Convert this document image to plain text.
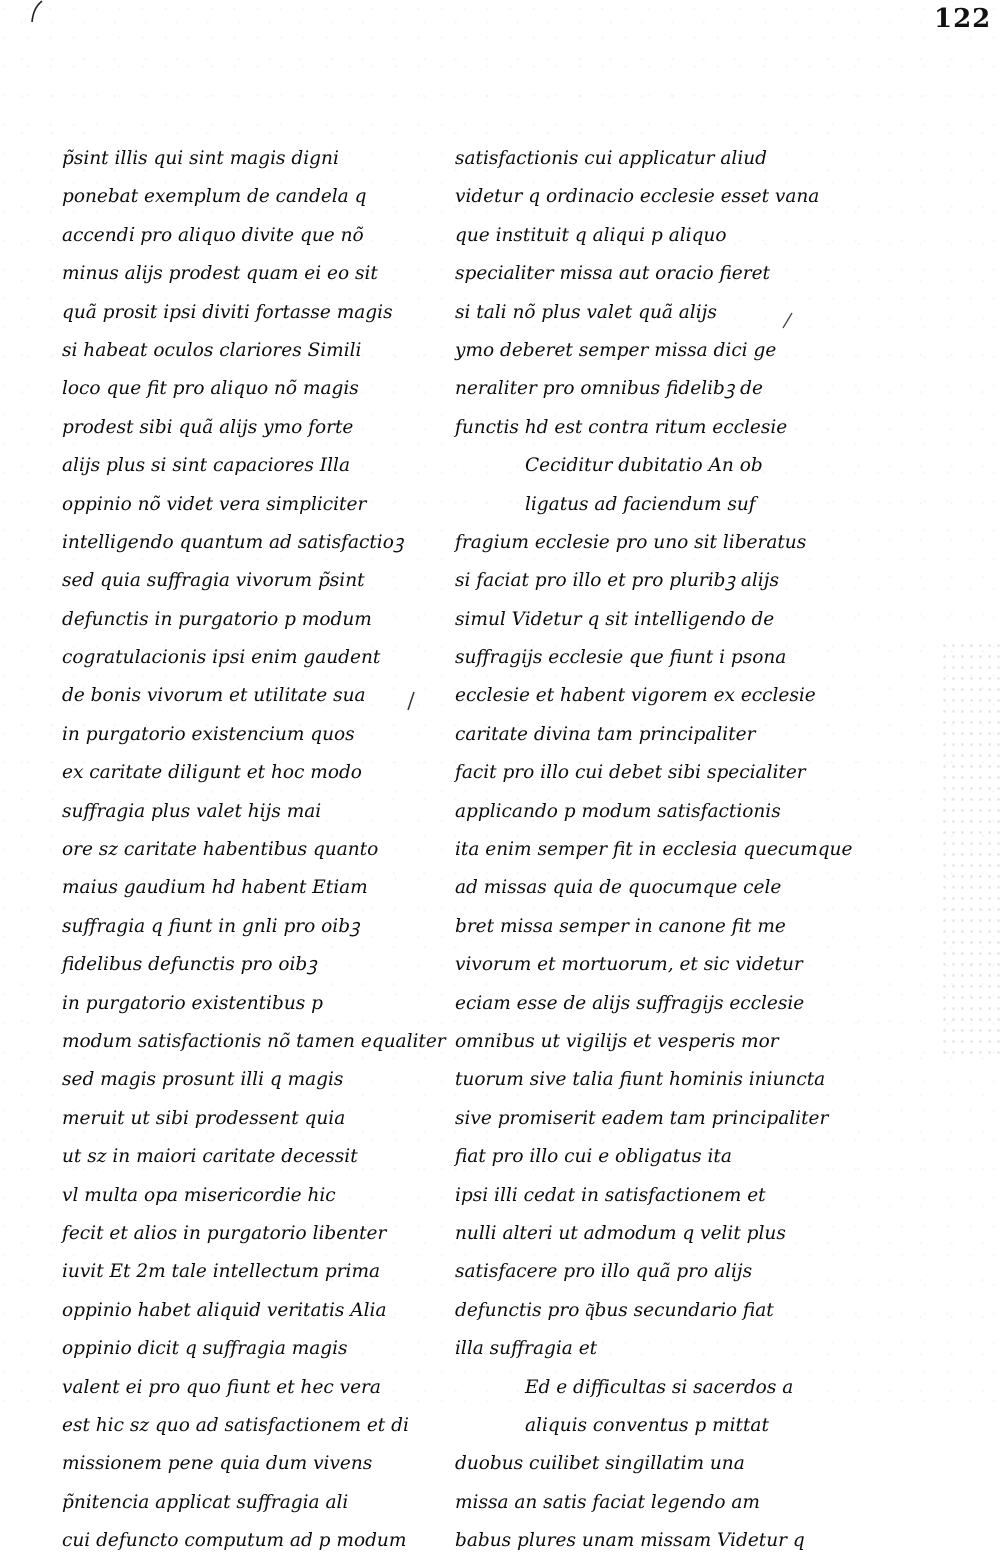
122
p̃sint illis qui sint magis digni
ponebat exemplum de candela q
accendi̇ pro aliquo divite que nõ
minus alijs prodest quam ei eo sit
quã prosit ipsi diviti fortasse magis
si habeat oculos clariores Simili
loco que fit pro aliquo nõ magis
prodest sibi quã alijs ymo forte
alijs plus si sint capaciores Illa
oppinio nõ videt vera simpliciter
intelligendo quantum ad satisfactioꝫ
sed quia suffragia vivorum p̃sint
defunctis in purgatorio p modum
cogratulacionis ipsi enim gaudent
de bonis vivorum et utilitate sua
in purgatorio existencium quos
ex caritate diligunt et hoc modo
suffragia plus valet hijs mai
ore sz caritate habentibus quanto
maius gaudium hd habent Etiam
suffragia q fiunt in gnli pro oibꝫ
fidelibus defunctis pro oibꝫ
in purgatorio existentibus p
modum satisfactionis nõ tamen equaliter
sed magis prosunt illi q magis
meruit ut sibi prodessent quia
ut sz in maiori caritate decessit
vl multa opa misericordie hic
fecit et alios in purgatorio libenter
iuvit Et 2m tale intellectum prima
oppinio habet aliquid veritatis Alia
oppinio dicit q suffragia magis
valent ei pro quo fiunt et hec vera
est hic sz quo ad satisfactionem et di
missionem pene quia dum vivens
p̃nitencia applicat suffragia ali
cui defuncto computum ad p modum
satisfactionis cui applicatur aliud
videtur q ordinacio ecclesie esset vana
que instituit q aliqui p aliquo
specialiter missa aut oracio fieret
si tali nõ plus valet quã alijs
ymo deberet semper missa dici ge
neraliter pro omnibus fidelibꝫ de
functis hd est contra ritum ecclesie
Ceciditur dubitatio An ob
ligatus ad faciendum suf
fragium ecclesie pro uno sit liberatus
si faciat pro illo et pro pluribꝫ alijs
simul Videtur q sit intelligendo de
suffragijs ecclesie que fiunt i psona
ecclesie et habent vigorem ex ecclesie
caritate divina tam principaliter
facit pro illo cui debet sibi specialiter
applicando p modum satisfactionis
ita enim semper fit in ecclesia quecumque
ad missas quia de quocumque cele
bret missa semper in canone fit me
vivorum et mortuorum, et sic videtur
eciam esse de alijs suffragijs ecclesie
omnibus ut vigilijs et vesperis mor
tuorum sive talia fiunt hominis iniuncta
sive promiserit eadem tam principaliter
fiat pro illo cui e obligatus ita
ipsi illi cedat in satisfactionem et
nulli alteri ut admodum q velit plus
satisfacere pro illo quã pro alijs
defunctis pro q͂bus secundario fiat
illa suffragia et
Ed e difficultas si sacerdos a
aliquis conventus p mittat
duobus cuilibet singillatim una
missa an satis faciat legendo am
babus plures unam missam Videtur q
